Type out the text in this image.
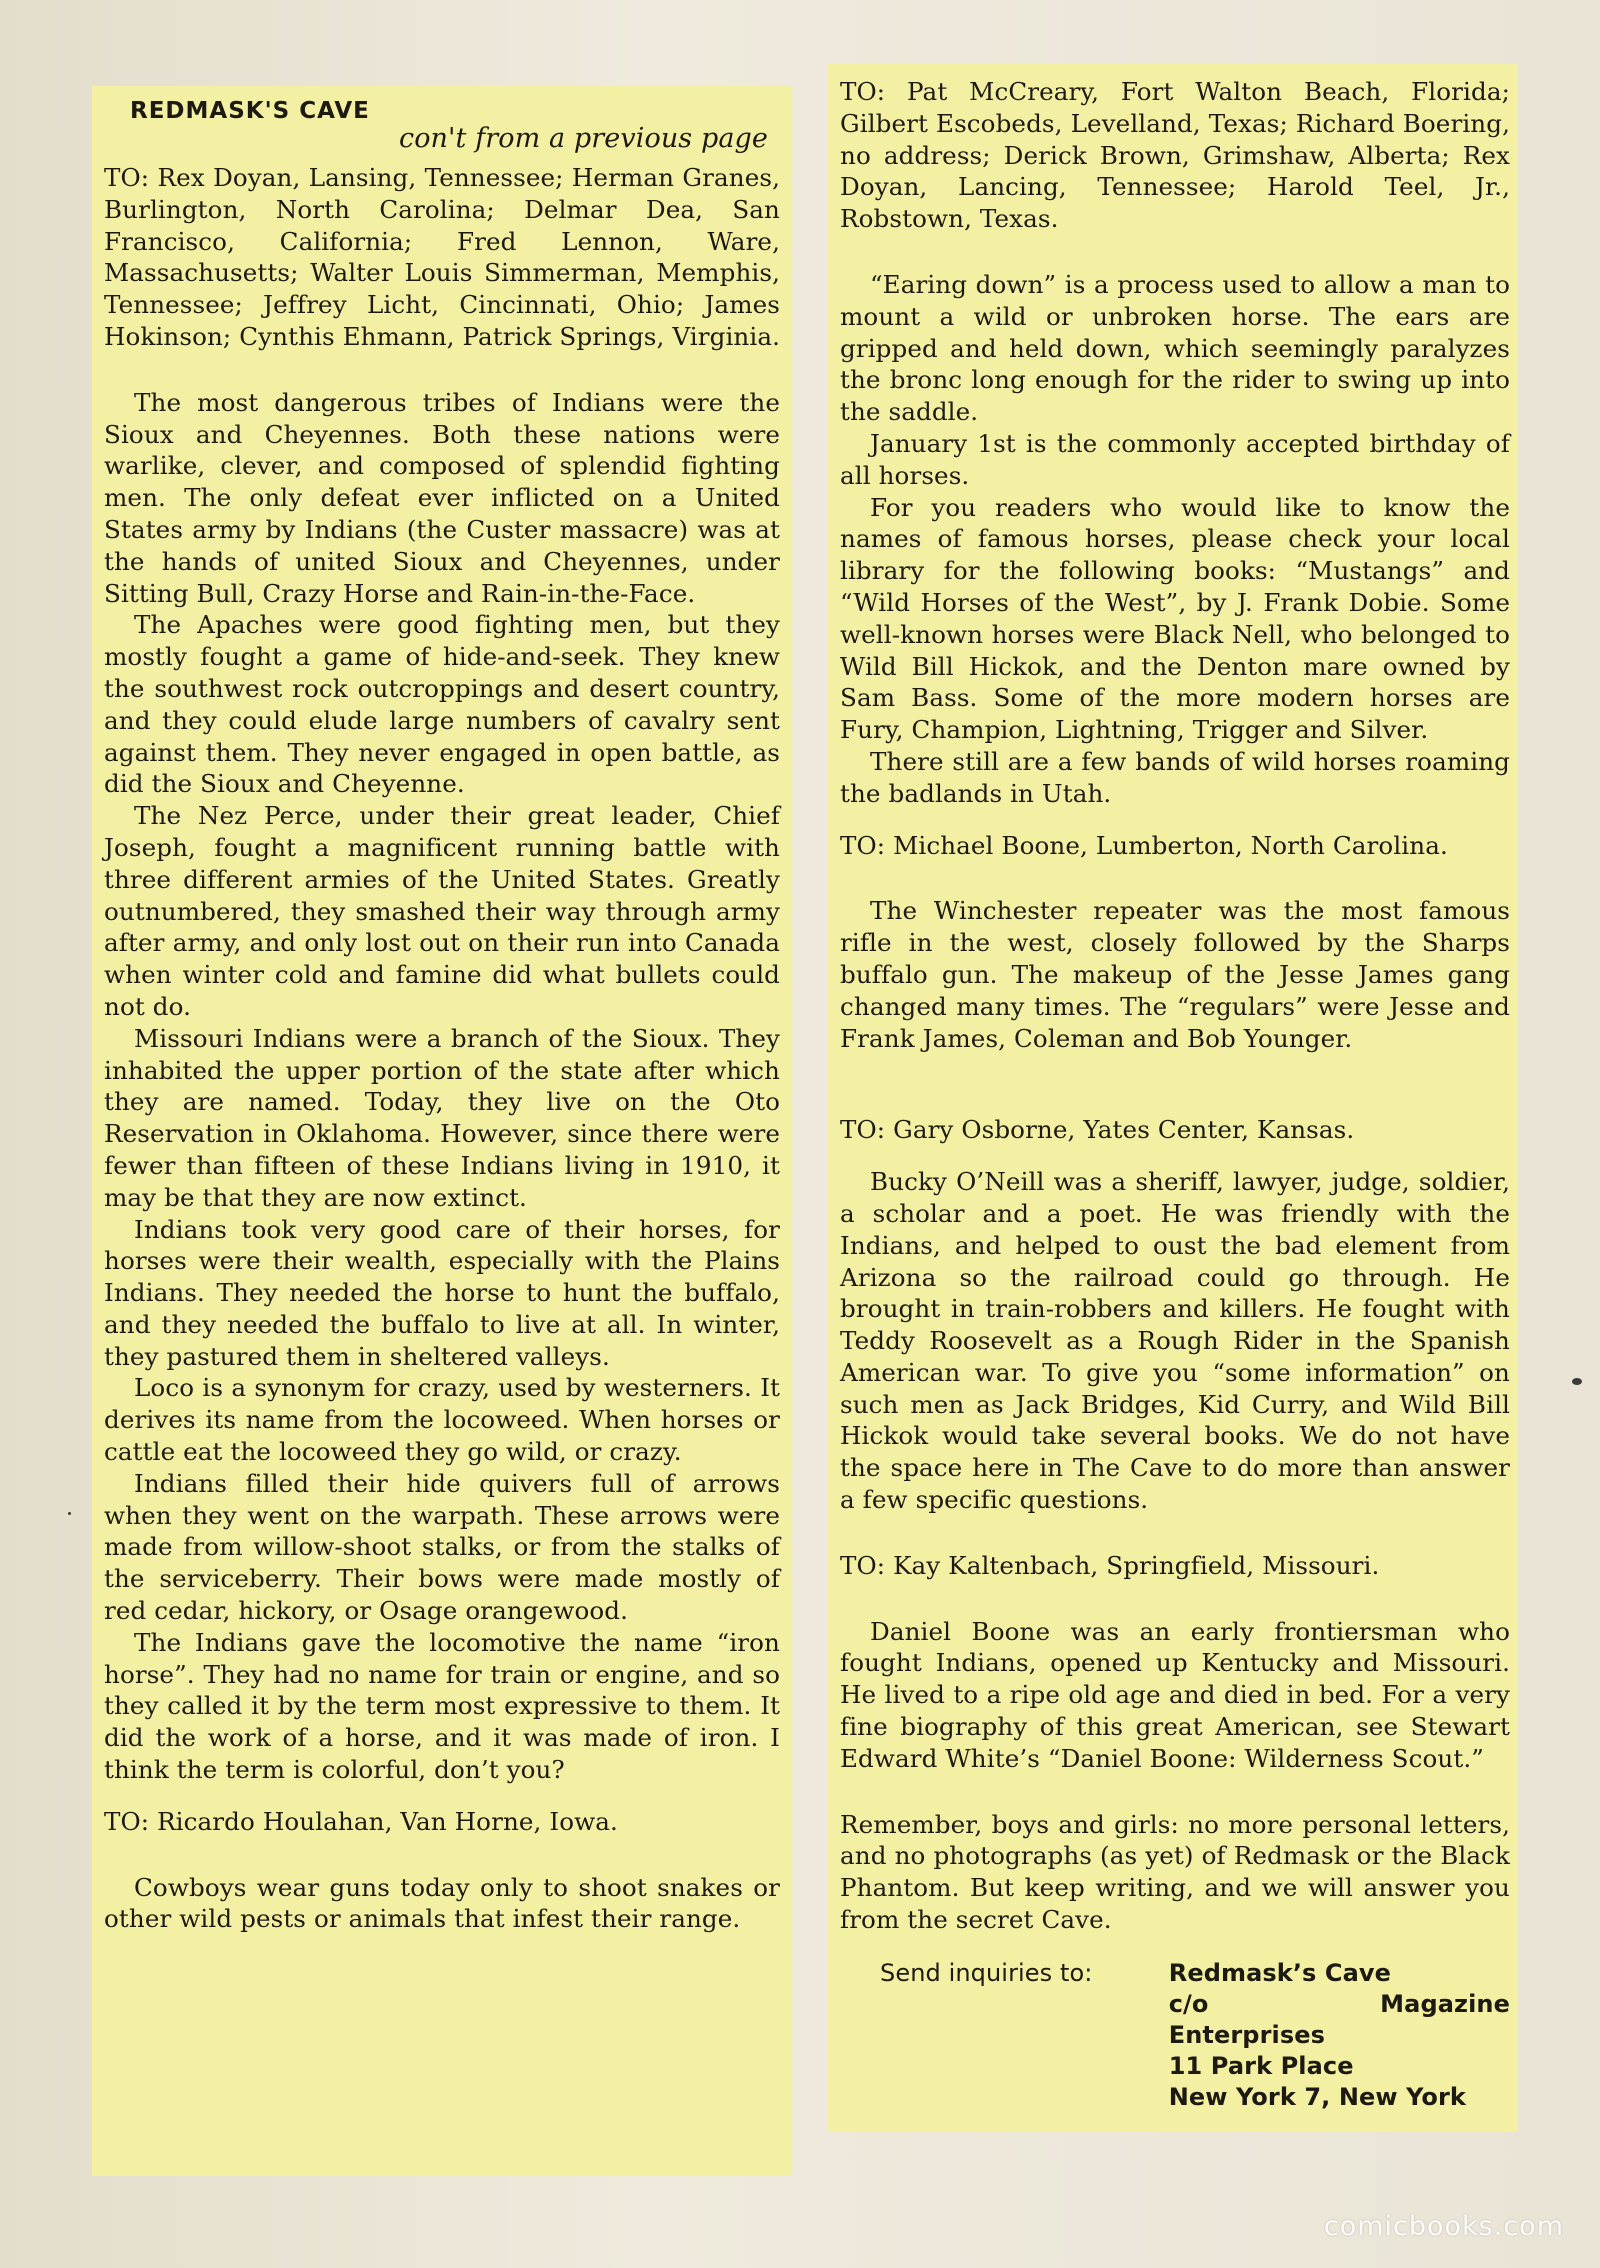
REDMASK'S CAVE
con't from a previous page

TO: Rex Doyan, Lansing, Tennessee; Herman Granes, Burlington, North Carolina; Delmar Dea, San Francisco, California; Fred Lennon, Ware, Massachusetts; Walter Louis Simmerman, Memphis, Tennessee; Jeffrey Licht, Cincinnati, Ohio; James Hokinson; Cynthis Ehmann, Patrick Springs, Virginia.

The most dangerous tribes of Indians were the Sioux and Cheyennes. Both these nations were warlike, clever, and composed of splendid fighting men. The only defeat ever inflicted on a United States army by Indians (the Custer massacre) was at the hands of united Sioux and Cheyennes, under Sitting Bull, Crazy Horse and Rain-in-the-Face.

The Apaches were good fighting men, but they mostly fought a game of hide-and-seek. They knew the southwest rock outcroppings and desert country, and they could elude large numbers of cavalry sent against them. They never engaged in open battle, as did the Sioux and Cheyenne.

The Nez Perce, under their great leader, Chief Joseph, fought a magnificent running battle with three different armies of the United States. Greatly outnumbered, they smashed their way through army after army, and only lost out on their run into Canada when winter cold and famine did what bullets could not do.

Missouri Indians were a branch of the Sioux. They inhabited the upper portion of the state after which they are named. Today, they live on the Oto Reservation in Oklahoma. However, since there were fewer than fifteen of these Indians living in 1910, it may be that they are now extinct.

Indians took very good care of their horses, for horses were their wealth, especially with the Plains Indians. They needed the horse to hunt the buffalo, and they needed the buffalo to live at all. In winter, they pastured them in sheltered valleys.

Loco is a synonym for crazy, used by westerners. It derives its name from the locoweed. When horses or cattle eat the locoweed they go wild, or crazy.

Indians filled their hide quivers full of arrows when they went on the warpath. These arrows were made from willow-shoot stalks, or from the stalks of the serviceberry. Their bows were made mostly of red cedar, hickory, or Osage orangewood.

The Indians gave the locomotive the name “iron horse”. They had no name for train or engine, and so they called it by the term most expressive to them. It did the work of a horse, and it was made of iron. I think the term is colorful, don’t you?

TO: Ricardo Houlahan, Van Horne, Iowa.

Cowboys wear guns today only to shoot snakes or other wild pests or animals that infest their range.

TO: Pat McCreary, Fort Walton Beach, Florida; Gilbert Escobeds, Levelland, Texas; Richard Boering, no address; Derick Brown, Grimshaw, Alberta; Rex Doyan, Lancing, Tennessee; Harold Teel, Jr., Robstown, Texas.

“Earing down” is a process used to allow a man to mount a wild or unbroken horse. The ears are gripped and held down, which seemingly paralyzes the bronc long enough for the rider to swing up into the saddle.

January 1st is the commonly accepted birthday of all horses.

For you readers who would like to know the names of famous horses, please check your local library for the following books: “Mustangs” and “Wild Horses of the West”, by J. Frank Dobie. Some well-known horses were Black Nell, who belonged to Wild Bill Hickok, and the Denton mare owned by Sam Bass. Some of the more modern horses are Fury, Champion, Lightning, Trigger and Silver.

There still are a few bands of wild horses roaming the badlands in Utah.

TO: Michael Boone, Lumberton, North Carolina.

The Winchester repeater was the most famous rifle in the west, closely followed by the Sharps buffalo gun. The makeup of the Jesse James gang changed many times. The “regulars” were Jesse and Frank James, Coleman and Bob Younger.

TO: Gary Osborne, Yates Center, Kansas.

Bucky O’Neill was a sheriff, lawyer, judge, soldier, a scholar and a poet. He was friendly with the Indians, and helped to oust the bad element from Arizona so the railroad could go through. He brought in train-robbers and killers. He fought with Teddy Roosevelt as a Rough Rider in the Spanish American war. To give you “some information” on such men as Jack Bridges, Kid Curry, and Wild Bill Hickok would take several books. We do not have the space here in The Cave to do more than answer a few specific questions.

TO: Kay Kaltenbach, Springfield, Missouri.

Daniel Boone was an early frontiersman who fought Indians, opened up Kentucky and Missouri. He lived to a ripe old age and died in bed. For a very fine biography of this great American, see Stewart Edward White’s “Daniel Boone: Wilderness Scout.”

Remember, boys and girls: no more personal letters, and no photographs (as yet) of Redmask or the Black Phantom. But keep writing, and we will answer you from the secret Cave.

Send inquiries to:	Redmask’s Cave
c/o Magazine Enterprises
11 Park Place
New York 7, New York
comicbooks.com
